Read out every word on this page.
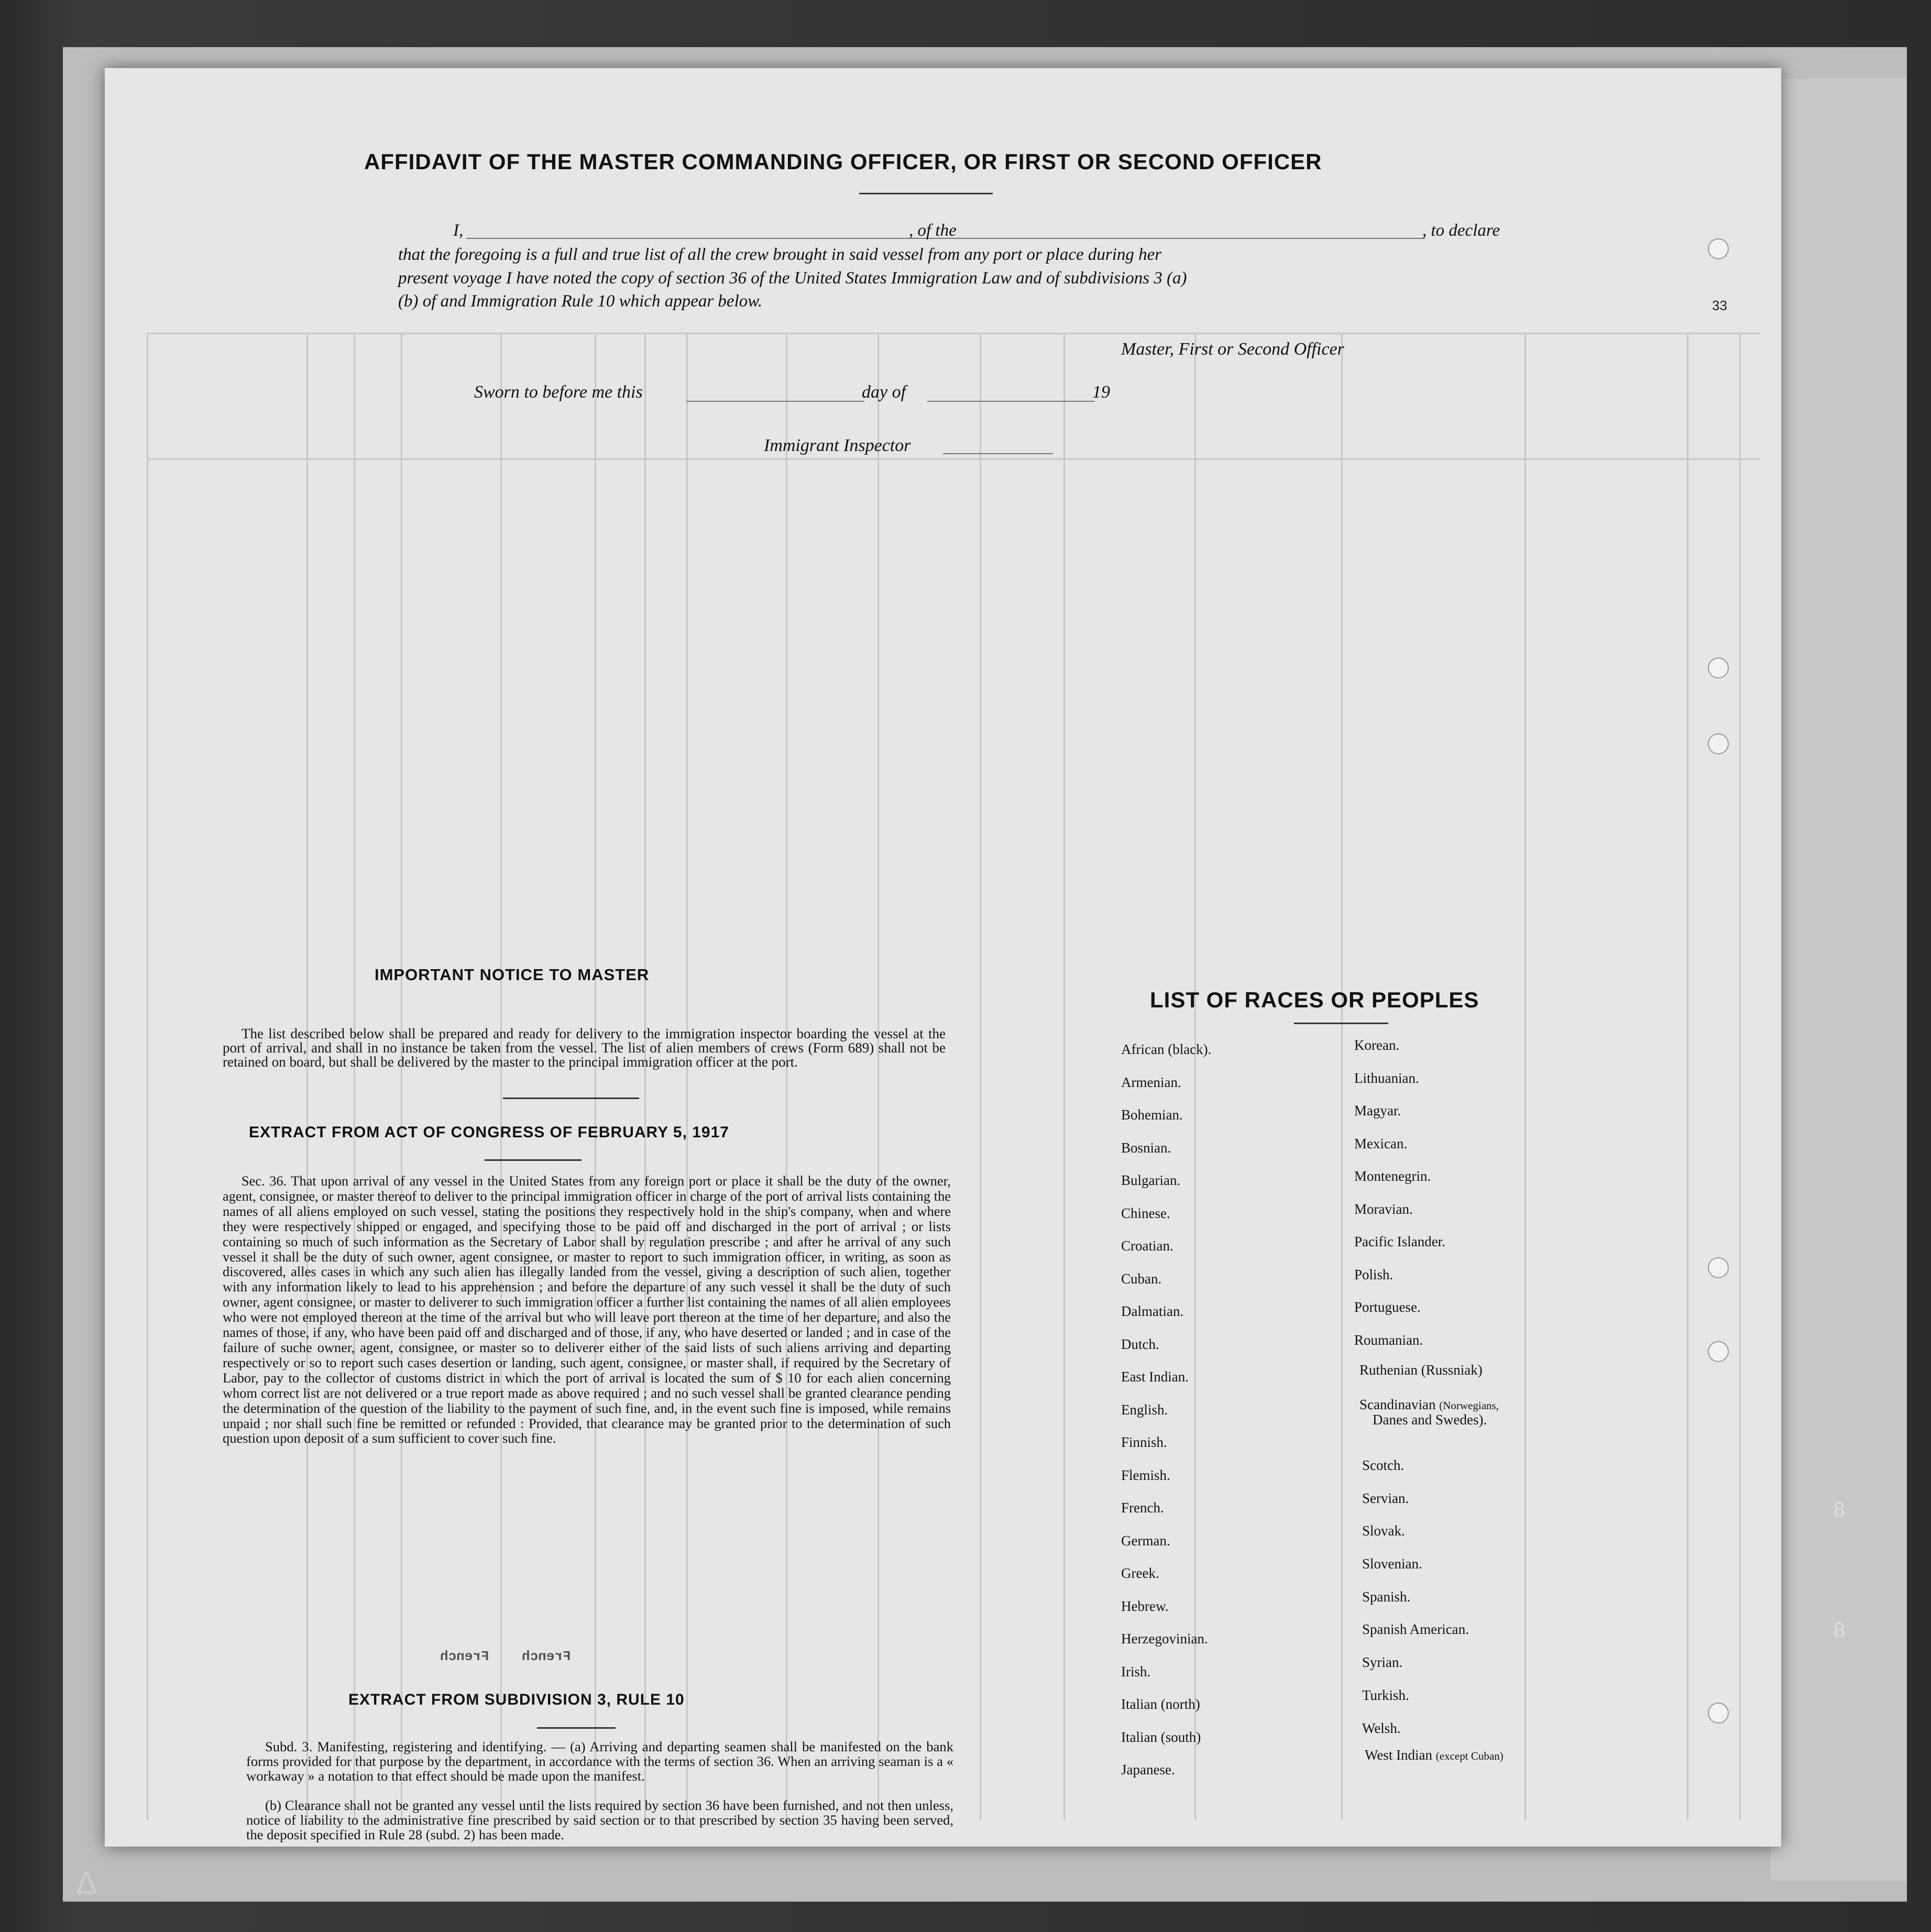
AFFIDAVIT OF THE MASTER COMMANDING OFFICER, OR FIRST OR SECOND OFFICER
I,	, of the	, to declare
that the foregoing is a full and true list of all the crew brought in said vessel from any port or place during her
present voyage I have noted the copy of section 36 of the United States Immigration Law and of subdivisions 3 (a)
(b) of and Immigration Rule 10 which appear below.
Master, First or Second Officer
Sworn to before me this	day of	19
Immigrant Inspector
IMPORTANT NOTICE TO MASTER
The list described below shall be prepared and ready for delivery to the immigration inspector boarding the vessel at the port of arrival, and shall in no instance be taken from the vessel. The list of alien members of crews (Form 689) shall not be retained on board, but shall be delivered by the master to the principal immigration officer at the port.
EXTRACT FROM ACT OF CONGRESS OF FEBRUARY 5, 1917
Sec. 36. That upon arrival of any vessel in the United States from any foreign port or place it shall be the duty of the owner, agent, consignee, or master thereof to deliver to the principal immigration officer in charge of the port of arrival lists containing the names of all aliens employed on such vessel, stating the positions they respectively hold in the ship's company, when and where they were respectively shipped or engaged, and specifying those to be paid off and discharged in the port of arrival ; or lists containing so much of such information as the Secretary of Labor shall by regulation prescribe ; and after he arrival of any such vessel it shall be the duty of such owner, agent consignee, or master to report to such immigration officer, in writing, as soon as discovered, alles cases in which any such alien has illegally landed from the vessel, giving a description of such alien, together with any information likely to lead to his apprehension ; and before the departure of any such vessel it shall be the duty of such owner, agent consignee, or master to deliverer to such immigration officer a further list containing the names of all alien employees who were not employed thereon at the time of the arrival but who will leave port thereon at the time of her departure, and also the names of those, if any, who have been paid off and discharged and of those, if any, who have deserted or landed ; and in case of the failure of suche owner, agent, consignee, or master so to deliverer either of the said lists of such aliens arriving and departing respectively or so to report such cases desertion or landing, such agent, consignee, or master shall, if required by the Secretary of Labor, pay to the collector of customs district in which the port of arrival is located the sum of $ 10 for each alien concerning whom correct list are not delivered or a true report made as above required ; and no such vessel shall be granted clearance pending the determination of the question of the liability to the payment of such fine, and, in the event such fine is imposed, while remains unpaid ; nor shall such fine be remitted or refunded : Provided, that clearance may be granted prior to the determination of such question upon deposit of a sum sufficient to cover such fine.
French    French
EXTRACT FROM SUBDIVISION 3, RULE 10
Subd. 3. Manifesting, registering and identifying. — (a) Arriving and departing seamen shall be manifested on the bank forms provided for that purpose by the department, in accordance with the terms of section 36. When an arriving seaman is a « workaway » a notation to that effect should be made upon the manifest.
(b) Clearance shall not be granted any vessel until the lists required by section 36 have been furnished, and not then unless, notice of liability to the administrative fine prescribed by said section or to that prescribed by section 35 having been served, the deposit specified in Rule 28 (subd. 2) has been made.
LIST OF RACES OR PEOPLES
Ruthenian (Russniak)
Scandinavian (Norwegians,
Danes and Swedes).
West Indian (except Cuban)
African (black).
Armenian.
Bohemian.
Bosnian.
Bulgarian.
Chinese.
Croatian.
Cuban.
Dalmatian.
Dutch.
East Indian.
English.
Finnish.
Flemish.
French.
German.
Greek.
Hebrew.
Herzegovinian.
Irish.
Italian (north)
Italian (south)
Japanese.
Korean.
Lithuanian.
Magyar.
Mexican.
Montenegrin.
Moravian.
Pacific Islander.
Polish.
Portuguese.
Roumanian.
Scotch.
Servian.
Slovak.
Slovenian.
Spanish.
Spanish American.
Syrian.
Turkish.
Welsh.
33
8
8
Δ
